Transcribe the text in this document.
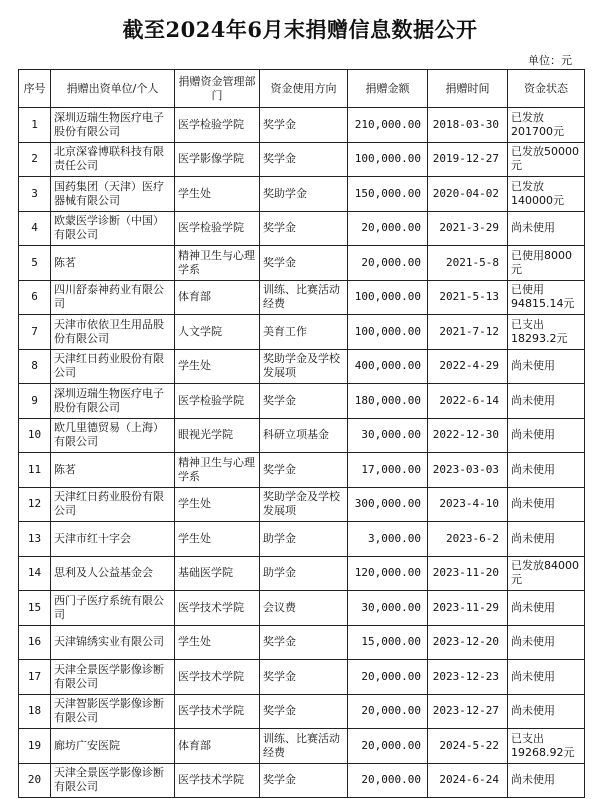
截至2024年6月末捐赠信息数据公开
单位：元
序号	捐赠出资单位/个人	捐赠资金管理部门	资金使用方向	捐赠金额	捐赠时间	资金状态
1	深圳迈瑞生物医疗电子股份有限公司	医学检验学院	奖学金	210,000.00	2018-03-30	已发放201700元
2	北京深睿博联科技有限责任公司	医学影像学院	奖学金	100,000.00	2019-12-27	已发放50000元
3	国药集团（天津）医疗器械有限公司	学生处	奖助学金	150,000.00	2020-04-02	已发放140000元
4	欧蒙医学诊断（中国）有限公司	医学检验学院	奖学金	20,000.00	2021-3-29	尚未使用
5	陈茗	精神卫生与心理学系	奖学金	20,000.00	2021-5-8	已使用8000元
6	四川舒泰神药业有限公司	体育部	训练、比赛活动经费	100,000.00	2021-5-13	已使用94815.14元
7	天津市依依卫生用品股份有限公司	人文学院	美育工作	100,000.00	2021-7-12	已支出18293.2元
8	天津红日药业股份有限公司	学生处	奖助学金及学校发展项	400,000.00	2022-4-29	尚未使用
9	深圳迈瑞生物医疗电子股份有限公司	医学检验学院	奖学金	180,000.00	2022-6-14	尚未使用
10	欧几里德贸易（上海）有限公司	眼视光学院	科研立项基金	30,000.00	2022-12-30	尚未使用
11	陈茗	精神卫生与心理学系	奖学金	17,000.00	2023-03-03	尚未使用
12	天津红日药业股份有限公司	学生处	奖助学金及学校发展项	300,000.00	2023-4-10	尚未使用
13	天津市红十字会	学生处	助学金	3,000.00	2023-6-2	尚未使用
14	思利及人公益基金会	基础医学院	助学金	120,000.00	2023-11-20	已发放84000元
15	西门子医疗系统有限公司	医学技术学院	会议费	30,000.00	2023-11-29	尚未使用
16	天津锦绣实业有限公司	学生处	奖学金	15,000.00	2023-12-20	尚未使用
17	天津全景医学影像诊断有限公司	医学技术学院	奖学金	20,000.00	2023-12-23	尚未使用
18	天津智影医学影像诊断有限公司	医学技术学院	奖学金	20,000.00	2023-12-27	尚未使用
19	廊坊广安医院	体育部	训练、比赛活动经费	20,000.00	2024-5-22	已支出19268.92元
20	天津全景医学影像诊断有限公司	医学技术学院	奖学金	20,000.00	2024-6-24	尚未使用
